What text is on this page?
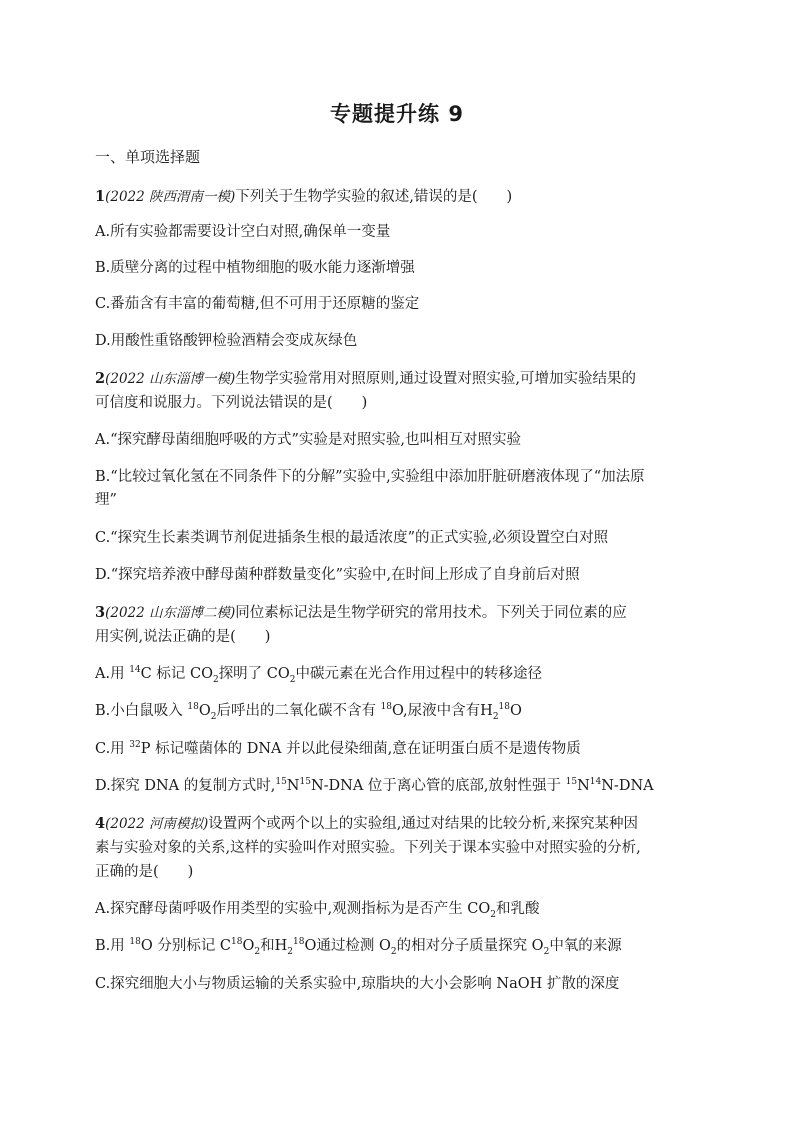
专题提升练 9
一、单项选择题
1(2022 陕西渭南一模)下列关于生物学实验的叙述,错误的是(　　)
A.所有实验都需要设计空白对照,确保单一变量
B.质壁分离的过程中植物细胞的吸水能力逐渐增强
C.番茄含有丰富的葡萄糖,但不可用于还原糖的鉴定
D.用酸性重铬酸钾检验酒精会变成灰绿色
2(2022 山东淄博一模)生物学实验常用对照原则,通过设置对照实验,可增加实验结果的
可信度和说服力。下列说法错误的是(　　)
A.“探究酵母菌细胞呼吸的方式”实验是对照实验,也叫相互对照实验
B.“比较过氧化氢在不同条件下的分解”实验中,实验组中添加肝脏研磨液体现了“加法原
理”
C.“探究生长素类调节剂促进插条生根的最适浓度”的正式实验,必须设置空白对照
D.“探究培养液中酵母菌种群数量变化”实验中,在时间上形成了自身前后对照
3(2022 山东淄博二模)同位素标记法是生物学研究的常用技术。下列关于同位素的应
用实例,说法正确的是(　　)
A.用 $^{14}$C 标记 $CO_2$探明了 $CO_2$中碳元素在光合作用过程中的转移途径
B.小白鼠吸入 $^{18}O_2$后呼出的二氧化碳不含有 $^{18}$O,尿液中含有$H_2^{18}O$
C.用 $^{32}$P 标记噬菌体的 DNA 并以此侵染细菌,意在证明蛋白质不是遗传物质
D.探究 DNA 的复制方式时$,^{15}N^{15}N$-DNA 位于离心管的底部,放射性强于 $^{15}N^{14}N$-DNA
4(2022 河南模拟)设置两个或两个以上的实验组,通过对结果的比较分析,来探究某种因
素与实验对象的关系,这样的实验叫作对照实验。下列关于课本实验中对照实验的分析,
正确的是(　　)
A.探究酵母菌呼吸作用类型的实验中,观测指标为是否产生 $CO_2$和乳酸
B.用 $^{18}$O 分别标记 $C^{18}O_2$和$H_2^{18}O$通过检测 $O_2$的相对分子质量探究 $O_2$中氧的来源
C.探究细胞大小与物质运输的关系实验中,琼脂块的大小会影响 NaOH 扩散的深度
